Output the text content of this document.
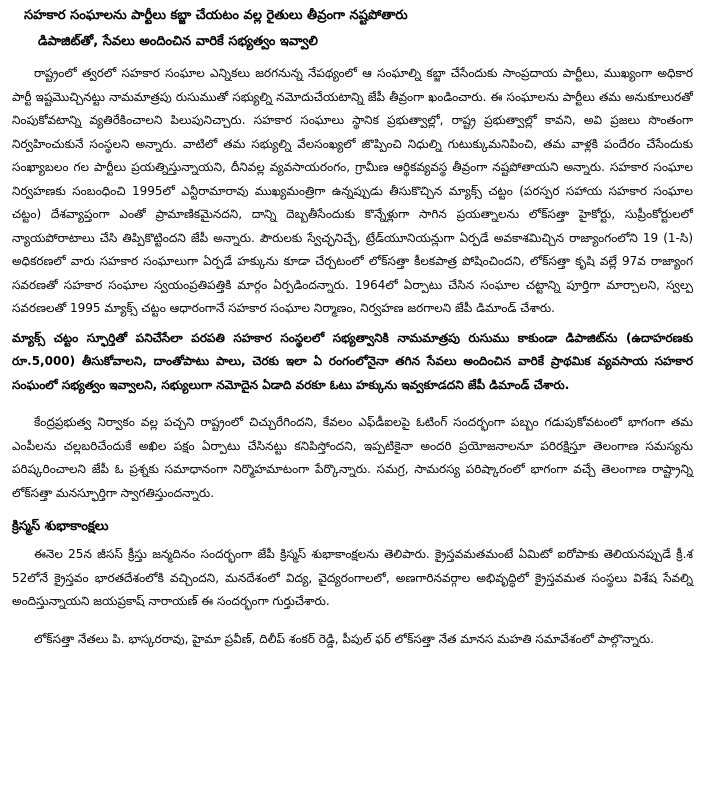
సహకార సంఘాలను పార్టీలు కబ్జా చేయటం వల్ల రైతులు తీవ్రంగా నష్టపోతారు
డిపాజిట్‌తో, సేవలు అందించిన వారికే సభ్యత్వం ఇవ్వాలి

రాష్ట్రంలో త్వరలో సహకార సంఘాల ఎన్నికలు జరగనున్న నేపథ్యంలో ఆ సంఘాల్ని కబ్జా చేసేందుకు సాంప్రదాయ పార్టీలు, ముఖ్యంగా అధికార పార్టీ ఇష్టమొచ్చినట్టు నామమాత్రపు రుసుముతో సభ్యుల్ని నమోదుచేయటాన్ని జేపీ తీవ్రంగా ఖండించారు. ఈ సంఘాలను పార్టీలు తమ అనుకూలురతో నింపుకోవటాన్ని వ్యతిరేకించాలని పిలుపునిచ్చారు. సహకార సంఘాలు స్థానిక ప్రభుత్వాల్లో, రాష్ట్ర ప్రభుత్వాల్లో కావని, అవి ప్రజలు సొంతంగా నిర్వహించుకునే సంస్థలని అన్నారు. వాటిలో తమ సభ్యుల్ని వేలసంఖ్యలో జొప్పించి నిధుల్ని గుటుక్కుమనిపించి, తమ వాళ్లకి పందేరం చేసేందుకు సంఖ్యాబలం గల పార్టీలు ప్రయత్నిస్తున్నాయని, దీనివల్ల వ్యవసాయరంగం, గ్రామీణ ఆర్థికవ్యవస్థ తీవ్రంగా నష్టపోతాయని అన్నారు. సహకార సంఘాల నిర్వహణకు సంబంధించి 1995లో ఎన్టీరామారావు ముఖ్యమంత్రిగా ఉన్నప్పుడు తీసుకొచ్చిన మ్యాక్స్ చట్టం (పరస్పర సహాయ సహకార సంఘాల చట్టం) దేశవ్యాప్తంగా ఎంతో ప్రామాణికమైనదని, దాన్ని దెబ్బతీసేందుకు కొన్నేళ్లుగా సాగిన ప్రయత్నాలను లోక్‌సత్తా హైకోర్టు, సుప్రీంకోర్టులలో న్యాయపోరాటాలు చేసి తిప్పికొట్టిందని జేపీ అన్నారు. పౌరులకు స్వేచ్ఛనిచ్చే, ట్రేడ్‌యూనియన్లుగా ఏర్పడే అవకాశమిచ్చిన రాజ్యాంగంలోని 19 (1-సి) అధికరణలో వారు సహకార సంఘాలుగా ఏర్పడే హక్కును కూడా చేర్చటంలో లోక్‌సత్తా కీలకపాత్ర పోషించిందని, లోక్‌సత్తా కృషి వల్లే 97వ రాజ్యాంగ సవరణతో సహకార సంఘాల స్వయంప్రతిపత్తికి మార్గం ఏర్పడిందన్నారు. 1964లో ఏర్పాటు చేసిన సంఘాల చట్టాన్ని పూర్తిగా మార్చాలని, స్వల్ప సవరణలతో 1995 మ్యాక్స్ చట్టం ఆధారంగానే సహకార సంఘాల నిర్మాణం, నిర్వహణ జరగాలని జేపీ డిమాండ్ చేశారు.

మ్యాక్స్ చట్టం స్ఫూర్తితో పనిచేసేలా పరపతి సహకార సంస్థలలో సభ్యత్వానికి నామమాత్రపు రుసుము కాకుండా డిపాజిట్‌ను (ఉదాహరణకు రూ.5,000) తీసుకోవాలని, దాంతోపాటు పాలు, చెరకు ఇలా ఏ రంగంలోనైనా తగిన సేవలు అందించిన వారికే ప్రాథమిక వ్యవసాయ సహకార సంఘంలో సభ్యత్వం ఇవ్వాలని, సభ్యులుగా నమోదైన ఏడాది వరకూ ఓటు హక్కును ఇవ్వకూడదని జేపీ డిమాండ్ చేశారు.

కేంద్రప్రభుత్వ నిర్వాకం వల్ల పచ్చని రాష్ట్రంలో చిచ్చురేగిందని, కేవలం ఎఫ్‌డీఐలపై ఓటింగ్ సందర్భంగా పబ్బం గడుపుకోవటంలో భాగంగా తమ ఎంపీలను చల్లబరిచేందుకే అఖిల పక్షం ఏర్పాటు చేసినట్టు కనిపిస్తోందని, ఇప్పటికైనా అందరి ప్రయోజనాలనూ పరిరక్షిస్తూ తెలంగాణ సమస్యను పరిష్కరించాలని జేపీ ఓ ప్రశ్నకు సమాధానంగా నిర్మొహమాటంగా పేర్కొన్నారు. సమగ్ర, సామరస్య పరిష్కారంలో భాగంగా వచ్చే తెలంగాణ రాష్ట్రాన్ని లోక్‌సత్తా మనస్ఫూర్తిగా స్వాగతిస్తుందన్నారు.

క్రిస్మస్ శుభాకాంక్షలు

ఈనెల 25న జీసస్ క్రీస్తు జన్మదినం సందర్భంగా జేపీ క్రిస్మస్ శుభాకాంక్షలను తెలిపారు. క్రైస్తవమతమంటే ఏమిటో ఐరోపాకు తెలియనప్పుడే క్రీ.శ 52లోనే క్రైస్తవం భారతదేశంలోకి వచ్చిందని, మనదేశంలో విద్య, వైద్యరంగాలలో, అణగారినవర్గాల అభివృద్ధిలో క్రైస్తవమత సంస్థలు విశేష సేవల్ని అందిస్తున్నాయని జయప్రకాష్ నారాయణ్ ఈ సందర్భంగా గుర్తుచేశారు.

లోక్‌సత్తా నేతలు పి. భాస్కరరావు, హైమా ప్రవీణ్, దిలీప్ శంకర్ రెడ్డి, పీపుల్ ఫర్ లోక్‌సత్తా నేత మానస మహతి సమావేశంలో పాల్గొన్నారు.
